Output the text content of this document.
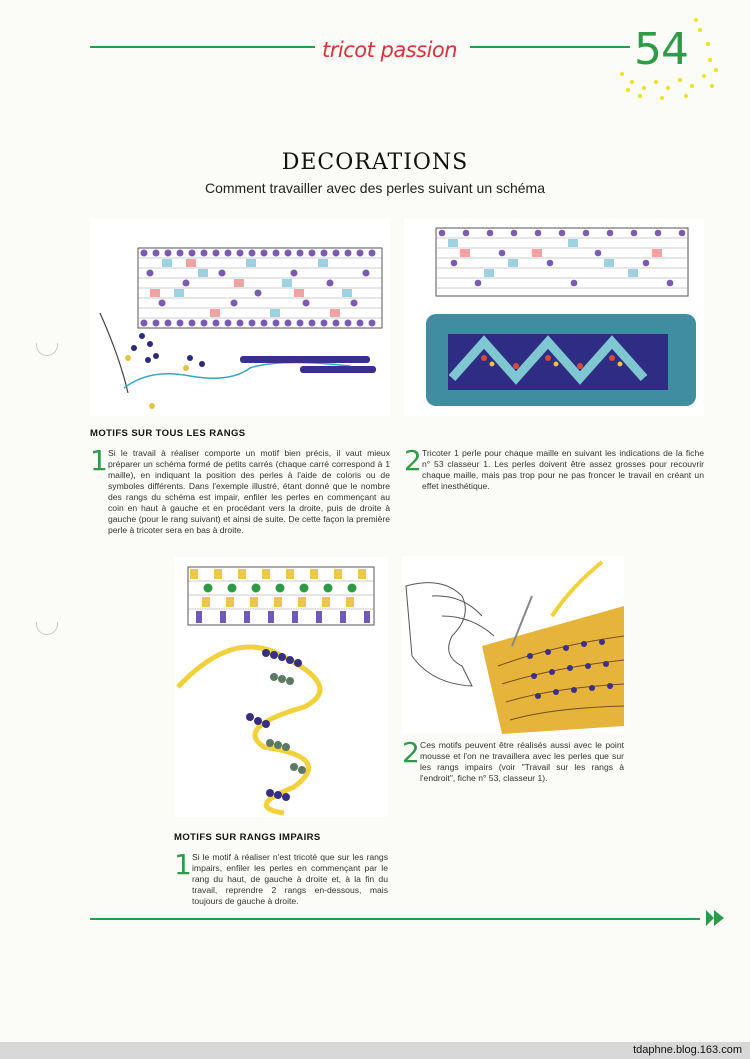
tricot passion	54
DECORATIONS
Comment travailler avec des perles suivant un schéma
MOTIFS SUR TOUS LES RANGS
1 Si le travail à réaliser comporte un motif bien précis, il vaut mieux préparer un schéma formé de petits carrés (chaque carré correspond à 1 maille), en indiquant la position des perles à l'aide de coloris ou de symboles différents. Dans l'exemple illustré, étant donné que le nombre des rangs du schéma est impair, enfiler les perles en commençant au coin en haut à gauche et en procédant vers la droite, puis de droite à gauche (pour le rang suivant) et ainsi de suite. De cette façon la première perle à tricoter sera en bas à droite.
2 Tricoter 1 perle pour chaque maille en suivant les indications de la fiche n° 53 classeur 1. Les perles doivent être assez grosses pour recouvrir chaque maille, mais pas trop pour ne pas froncer le travail en créant un effet inesthétique.
2 Ces motifs peuvent être réalisés aussi avec le point mousse et l'on ne travaillera avec les perles que sur les rangs impairs (voir "Travail sur les rangs à l'endroit", fiche n° 53, classeur 1).
MOTIFS SUR RANGS IMPAIRS
1 Si le motif à réaliser n'est tricoté que sur les rangs impairs, enfiler les perles en commençant par le rang du haut, de gauche à droite et, à la fin du travail, reprendre 2 rangs en-dessous, mais toujours de gauche à droite.
tdaphne.blog.163.com
